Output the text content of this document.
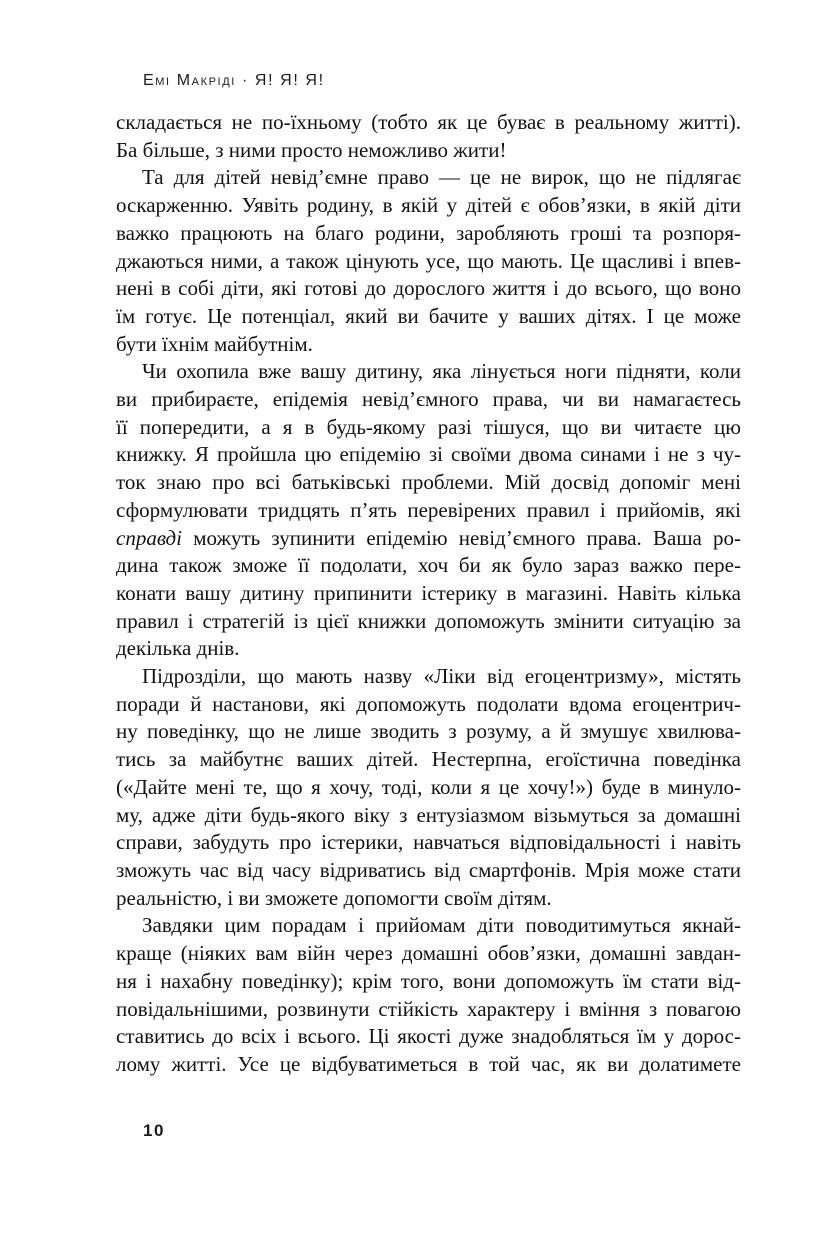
Емі Макріді · Я! Я! Я!
складається не по-їхньому (тобто як це буває в реальному житті).
Ба більше, з ними просто неможливо жити!
Та для дітей невід’ємне право — це не вирок, що не підлягає
оскарженню. Уявіть родину, в якій у дітей є обов’язки, в якій діти
важко працюють на благо родини, заробляють гроші та розпоря-
джаються ними, а також цінують усе, що мають. Це щасливі і впев-
нені в собі діти, які готові до дорослого життя і до всього, що воно
їм готує. Це потенціал, який ви бачите у ваших дітях. І це може
бути їхнім майбутнім.
Чи охопила вже вашу дитину, яка лінується ноги підняти, коли
ви прибираєте, епідемія невід’ємного права, чи ви намагаєтесь
її попередити, а я в будь-якому разі тішуся, що ви читаєте цю
книжку. Я пройшла цю епідемію зі своїми двома синами і не з чу-
ток знаю про всі батьківські проблеми. Мій досвід допоміг мені
сформулювати тридцять п’ять перевірених правил і прийомів, які
справді можуть зупинити епідемію невід’ємного права. Ваша ро-
дина також зможе її подолати, хоч би як було зараз важко пере-
конати вашу дитину припинити істерику в магазині. Навіть кілька
правил і стратегій із цієї книжки допоможуть змінити ситуацію за
декілька днів.
Підрозділи, що мають назву «Ліки від егоцентризму», містять
поради й настанови, які допоможуть подолати вдома егоцентрич-
ну поведінку, що не лише зводить з розуму, а й змушує хвилюва-
тись за майбутнє ваших дітей. Нестерпна, егоїстична поведінка
(«Дайте мені те, що я хочу, тоді, коли я це хочу!») буде в минуло-
му, адже діти будь-якого віку з ентузіазмом візьмуться за домашні
справи, забудуть про істерики, навчаться відповідальності і навіть
зможуть час від часу відриватись від смартфонів. Мрія може стати
реальністю, і ви зможете допомогти своїм дітям.
Завдяки цим порадам і прийомам діти поводитимуться якнай-
краще (ніяких вам війн через домашні обов’язки, домашні завдан-
ня і нахабну поведінку); крім того, вони допоможуть їм стати від-
повідальнішими, розвинути стійкість характеру і вміння з повагою
ставитись до всіх і всього. Ці якості дуже знадобляться їм у дорос-
лому житті. Усе це відбуватиметься в той час, як ви долатимете
10
